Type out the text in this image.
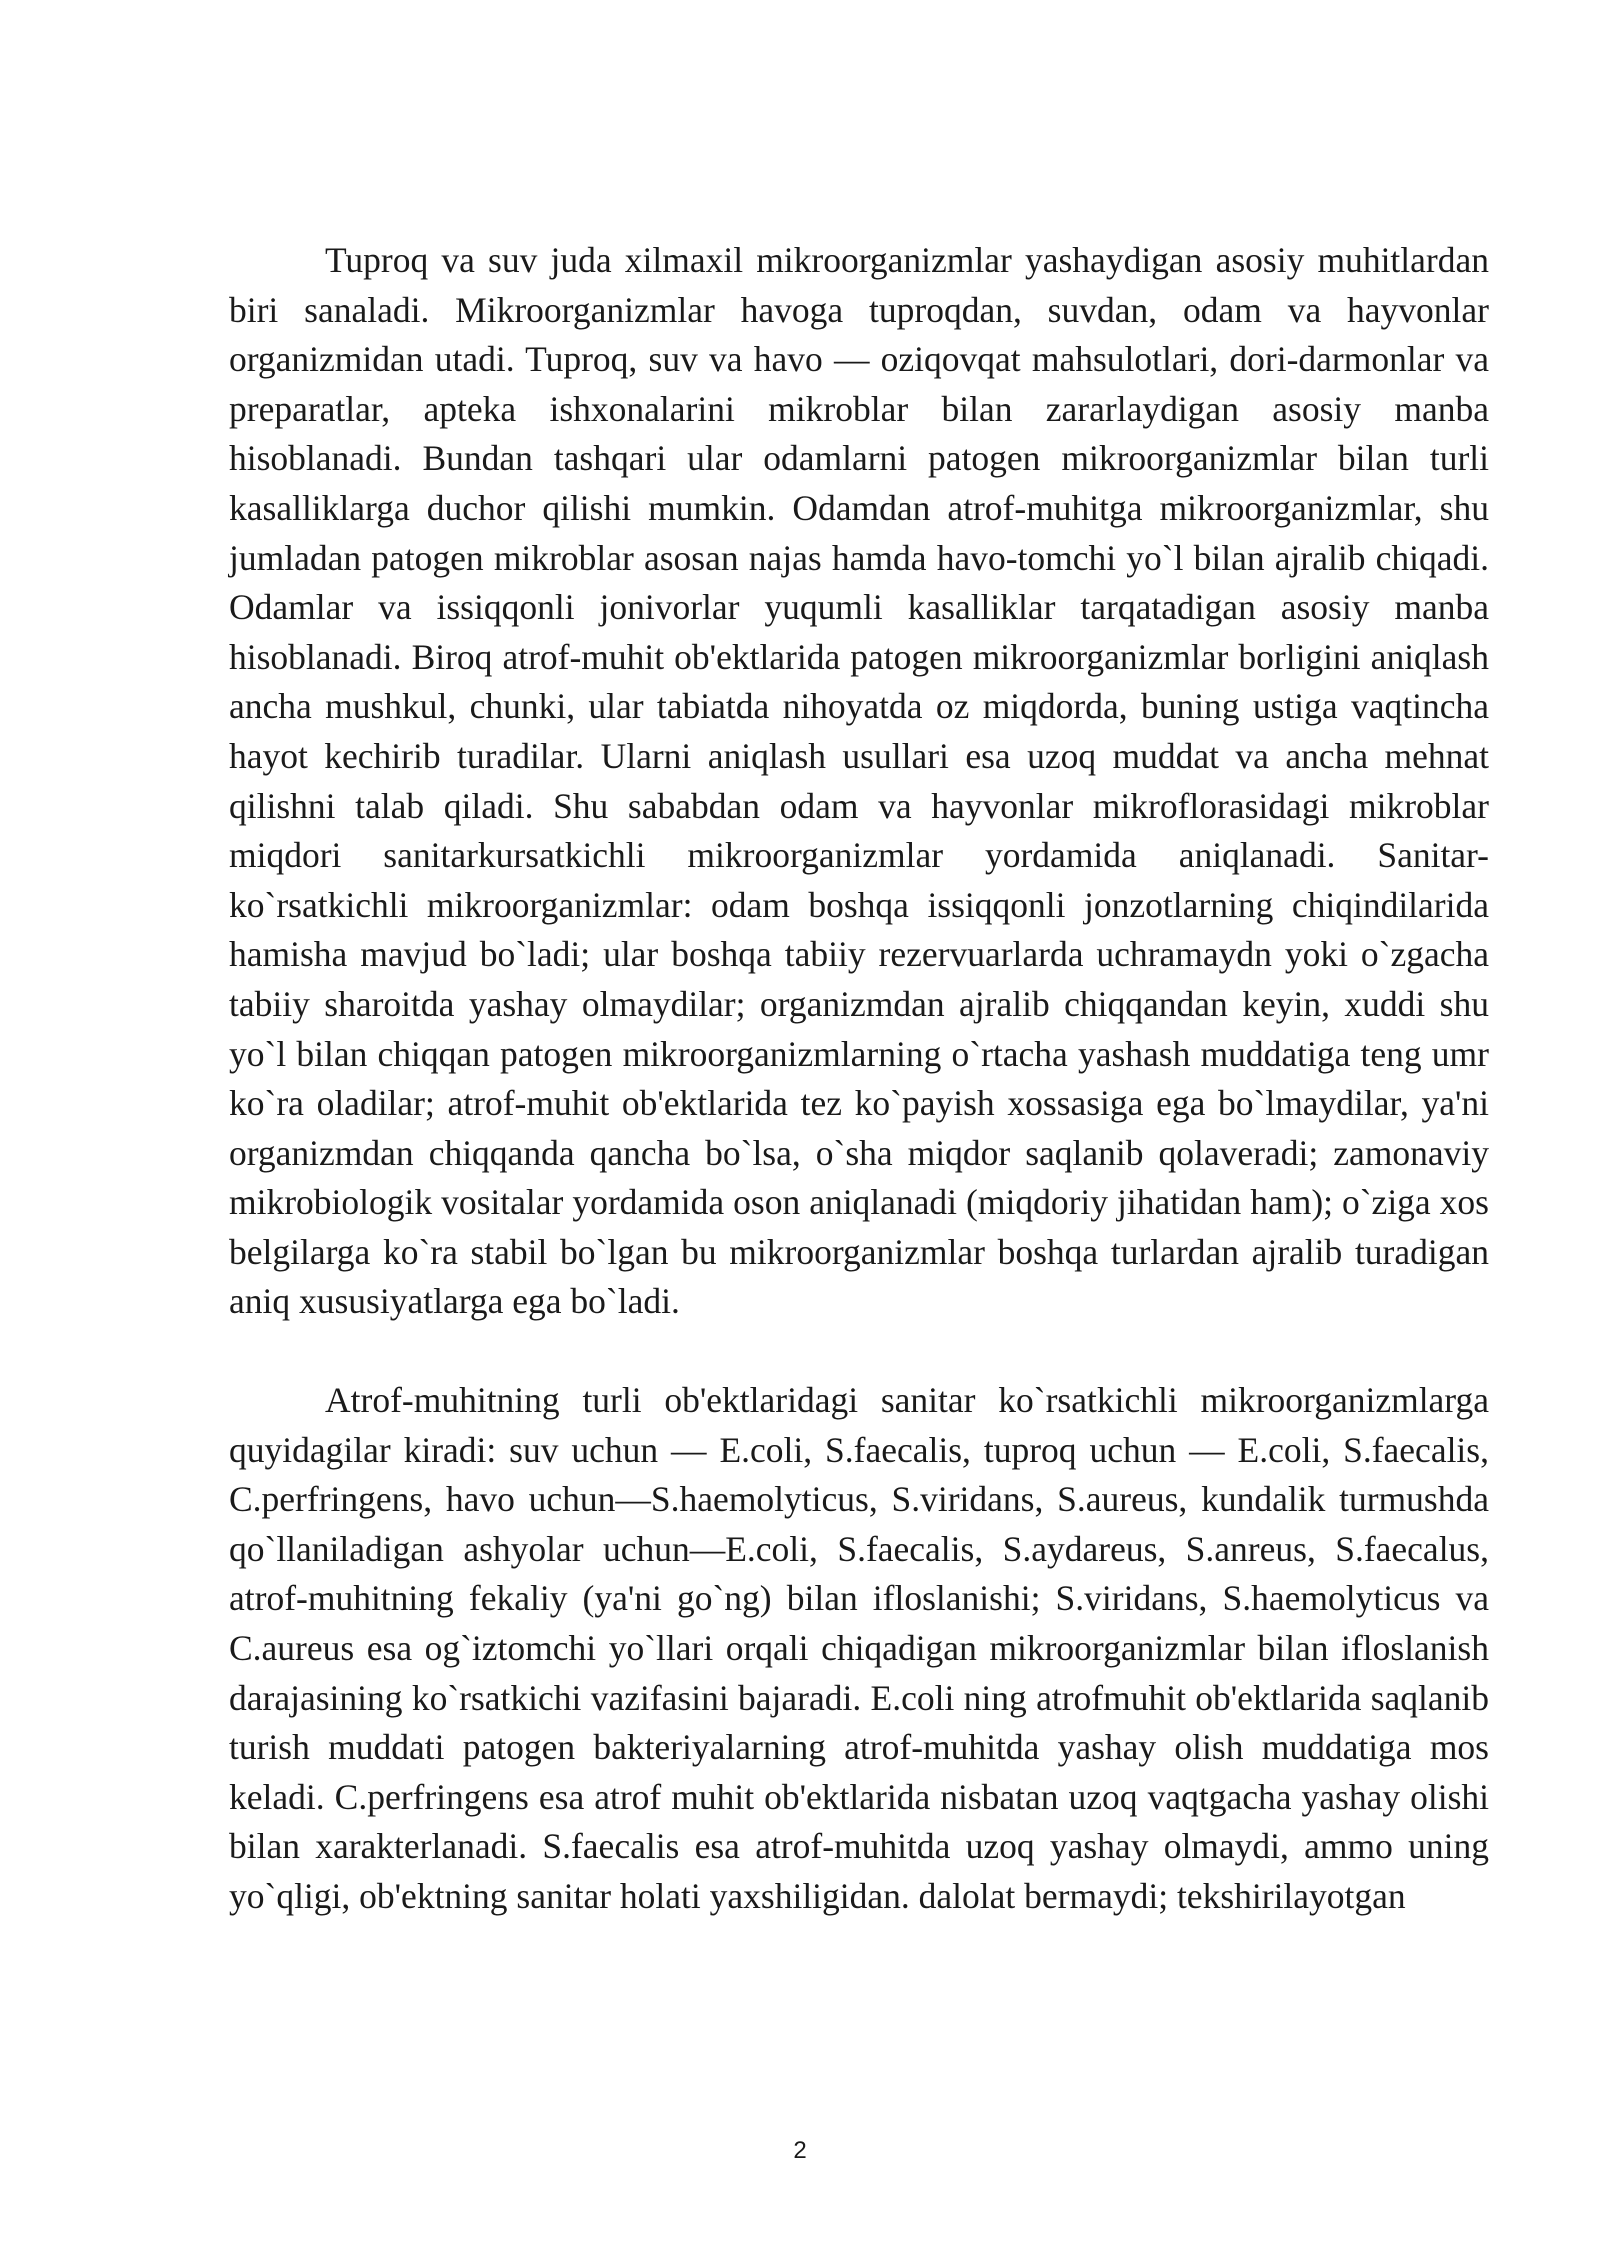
Tuproq va suv juda xilmaxil mikroorganizmlar yashaydigan asosiy muhitlardan biri sanaladi. Mikroorganizmlar havoga tuproqdan, suvdan, odam va hayvonlar organizmidan utadi. Tuproq, suv va havo — oziqovqat mahsulotlari, dori-darmonlar va preparatlar, apteka ishxonalarini mikroblar bilan zararlaydigan asosiy manba hisoblanadi. Bundan tashqari ular odamlarni patogen mikroorganizmlar bilan turli kasalliklarga duchor qilishi mumkin. Odamdan atrof-muhitga mikroorganizmlar, shu jumladan patogen mikroblar asosan najas hamda havo-tomchi yo`l bilan ajralib chiqadi. Odamlar va issiqqonli jonivorlar yuqumli kasalliklar tarqatadigan asosiy manba hisoblanadi. Biroq atrof-muhit ob'ektlarida patogen mikroorganizmlar borligini aniqlash ancha mushkul, chunki, ular tabiatda nihoyatda oz miqdorda, buning ustiga vaqtincha hayot kechirib turadilar. Ularni aniqlash usullari esa uzoq muddat va ancha mehnat qilishni talab qiladi. Shu sababdan odam va hayvonlar mikroflorasidagi mikroblar miqdori sanitarkursatkichli mikroorganizmlar yordamida aniqlanadi. Sanitar-ko`rsatkichli mikroorganizmlar: odam boshqa issiqqonli jonzotlarning chiqindilarida hamisha mavjud bo`ladi; ular boshqa tabiiy rezervuarlarda uchramaydn yoki o`zgacha tabiiy sharoitda yashay olmaydilar; organizmdan ajralib chiqqandan keyin, xuddi shu yo`l bilan chiqqan patogen mikroorganizmlarning o`rtacha yashash muddatiga teng umr ko`ra oladilar; atrof-muhit ob'ektlarida tez ko`payish xossasiga ega bo`lmaydilar, ya'ni organizmdan chiqqanda qancha bo`lsa, o`sha miqdor saqlanib qolaveradi; zamonaviy mikrobiologik vositalar yordamida oson aniqlanadi (miqdoriy jihatidan ham); o`ziga xos belgilarga ko`ra stabil bo`lgan bu mikroorganizmlar boshqa turlardan ajralib turadigan aniq xususiyatlarga ega bo`ladi.

Atrof-muhitning turli ob'ektlaridagi sanitar ko`rsatkichli mikroorganizmlarga quyidagilar kiradi: suv uchun — E.coli, S.faecalis, tuproq uchun — E.coli, S.faecalis, C.perfringens, havo uchun—S.haemolyticus, S.viridans, S.aureus, kundalik turmushda qo`llaniladigan ashyolar uchun—E.coli, S.faecalis, S.aydareus, S.anreus, S.faecalus, atrof-muhitning fekaliy (ya'ni go`ng) bilan ifloslanishi; S.viridans, S.haemolyticus va C.aureus esa og`iztomchi yo`llari orqali chiqadigan mikroorganizmlar bilan ifloslanish darajasining ko`rsatkichi vazifasini bajaradi. E.coli ning atrofmuhit ob'ektlarida saqlanib turish muddati patogen bakteriyalarning atrof-muhitda yashay olish muddatiga mos keladi. C.perfringens esa atrof muhit ob'ektlarida nisbatan uzoq vaqtgacha yashay olishi bilan xarakterlanadi. S.faecalis esa atrof-muhitda uzoq yashay olmaydi, ammo uning yo`qligi, ob'ektning sanitar holati yaxshiligidan. dalolat bermaydi; tekshirilayotgan

2
